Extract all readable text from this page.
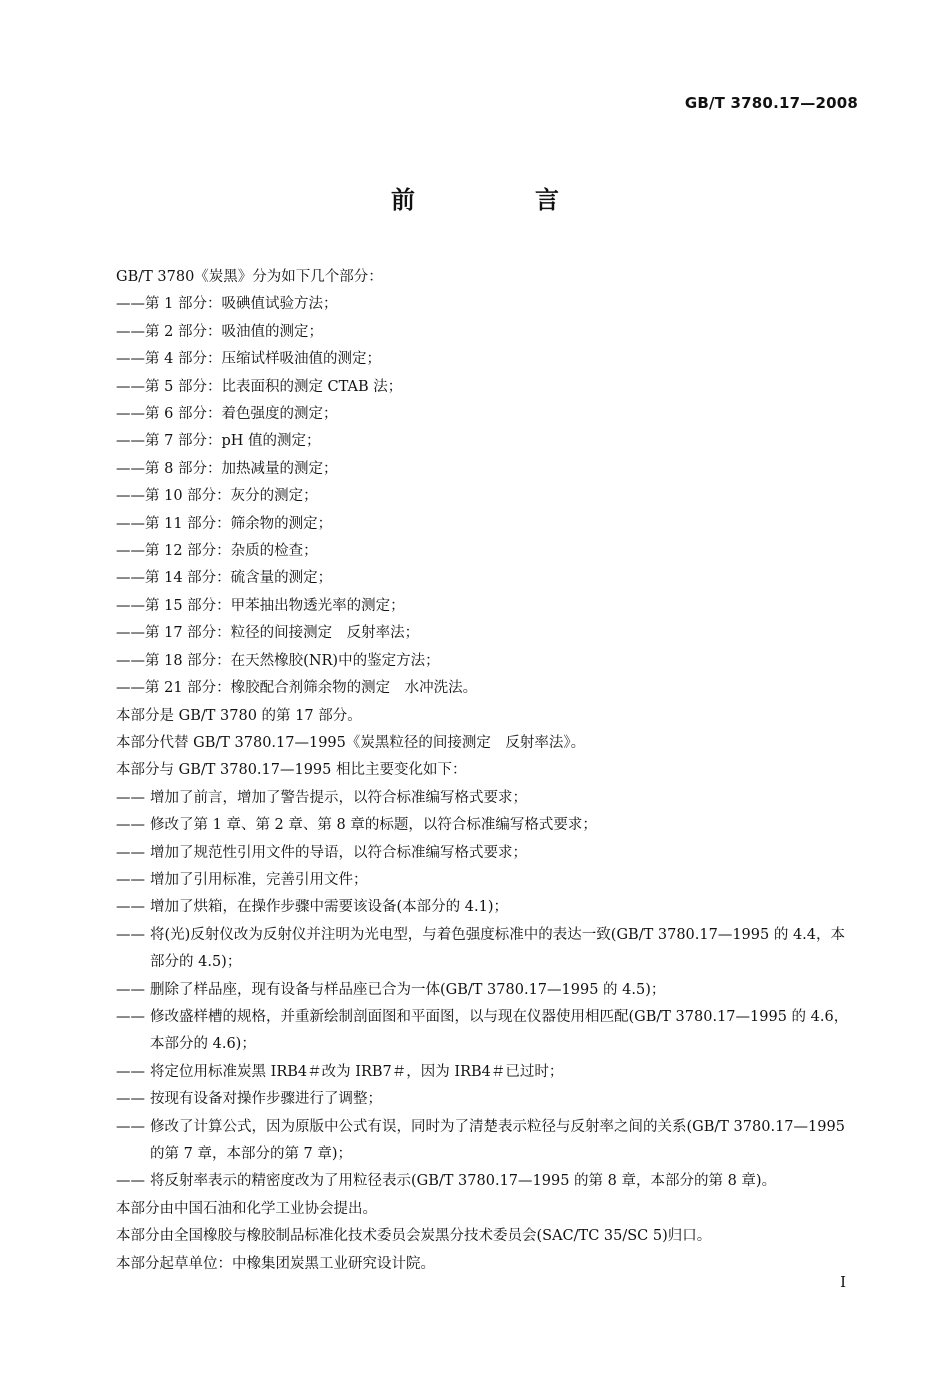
GB/T 3780.17—2008
前　言
GB/T 3780《炭黑》分为如下几个部分：
——第 1 部分：吸碘值试验方法；
——第 2 部分：吸油值的测定；
——第 4 部分：压缩试样吸油值的测定；
——第 5 部分：比表面积的测定 CTAB 法；
——第 6 部分：着色强度的测定；
——第 7 部分：pH 值的测定；
——第 8 部分：加热减量的测定；
——第 10 部分：灰分的测定；
——第 11 部分：筛余物的测定；
——第 12 部分：杂质的检查；
——第 14 部分：硫含量的测定；
——第 15 部分：甲苯抽出物透光率的测定；
——第 17 部分：粒径的间接测定　反射率法；
——第 18 部分：在天然橡胶(NR)中的鉴定方法；
——第 21 部分：橡胶配合剂筛余物的测定　水冲洗法。
本部分是 GB/T 3780 的第 17 部分。
本部分代替 GB/T 3780.17—1995《炭黑粒径的间接测定　反射率法》。
本部分与 GB/T 3780.17—1995 相比主要变化如下：
—— 增加了前言，增加了警告提示，以符合标准编写格式要求；
—— 修改了第 1 章、第 2 章、第 8 章的标题，以符合标准编写格式要求；
—— 增加了规范性引用文件的导语，以符合标准编写格式要求；
—— 增加了引用标准，完善引用文件；
—— 增加了烘箱，在操作步骤中需要该设备(本部分的 4.1)；
—— 将(光)反射仪改为反射仪并注明为光电型，与着色强度标准中的表达一致(GB/T 3780.17—1995 的 4.4，本部分的 4.5)；
—— 删除了样品座，现有设备与样品座已合为一体(GB/T 3780.17—1995 的 4.5)；
—— 修改盛样槽的规格，并重新绘制剖面图和平面图，以与现在仪器使用相匹配(GB/T 3780.17—1995 的 4.6，本部分的 4.6)；
—— 将定位用标准炭黑 IRB4＃改为 IRB7＃，因为 IRB4＃已过时；
—— 按现有设备对操作步骤进行了调整；
—— 修改了计算公式，因为原版中公式有误，同时为了清楚表示粒径与反射率之间的关系(GB/T 3780.17—1995的第 7 章，本部分的第 7 章)；
—— 将反射率表示的精密度改为了用粒径表示(GB/T 3780.17—1995 的第 8 章，本部分的第 8 章)。
本部分由中国石油和化学工业协会提出。
本部分由全国橡胶与橡胶制品标准化技术委员会炭黑分技术委员会(SAC/TC 35/SC 5)归口。
本部分起草单位：中橡集团炭黑工业研究设计院。
I
